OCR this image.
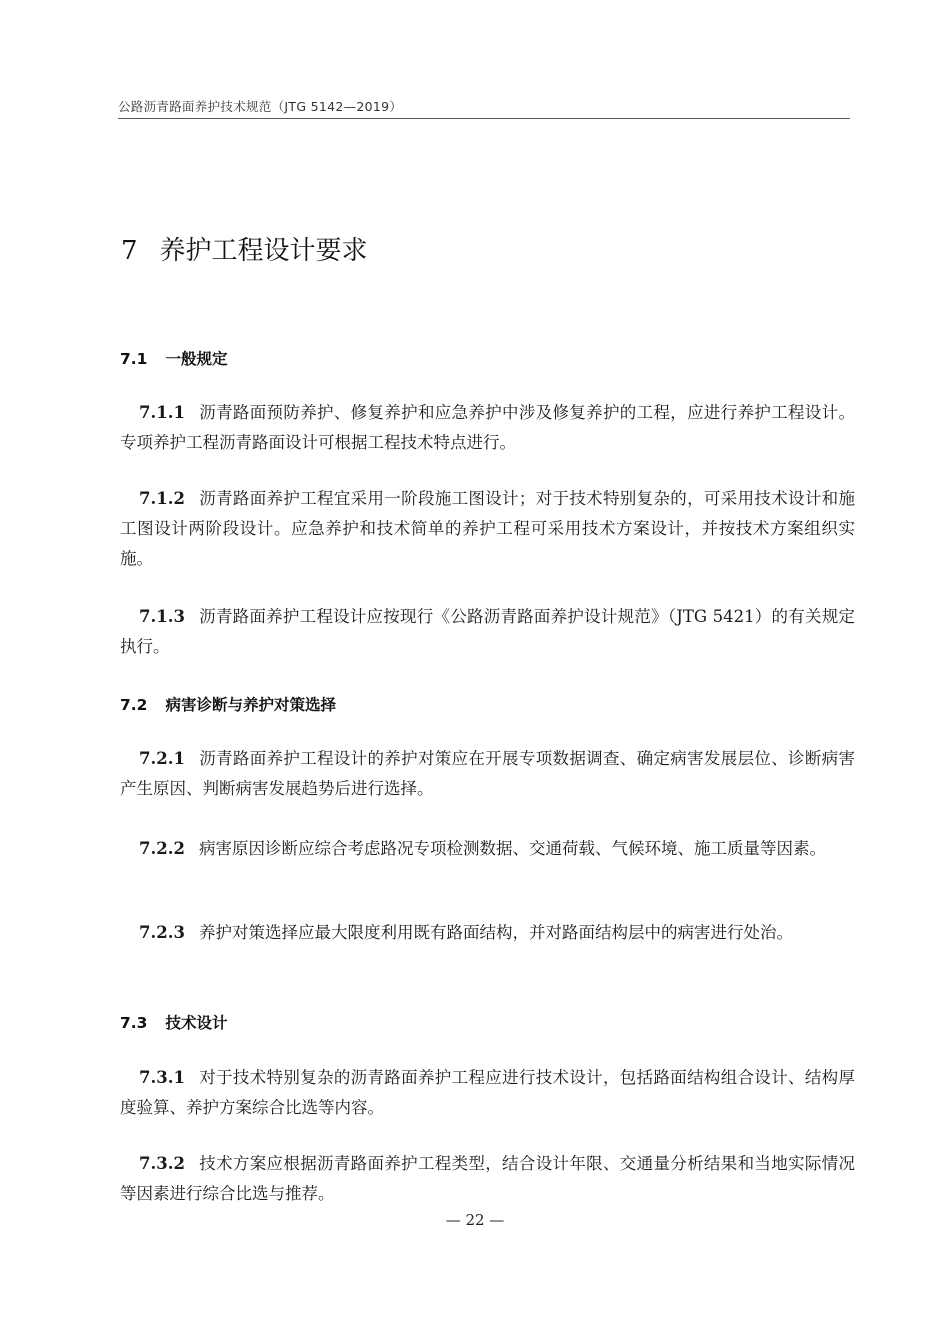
公路沥青路面养护技术规范（JTG 5142—2019）
7 养护工程设计要求
7.1 一般规定

7.1.1 沥青路面预防养护、修复养护和应急养护中涉及修复养护的工程，应进行养护工程设计。专项养护工程沥青路面设计可根据工程技术特点进行。

7.1.2 沥青路面养护工程宜采用一阶段施工图设计；对于技术特别复杂的，可采用技术设计和施工图设计两阶段设计。应急养护和技术简单的养护工程可采用技术方案设计，并按技术方案组织实施。

7.1.3 沥青路面养护工程设计应按现行《公路沥青路面养护设计规范》（JTG 5421）的有关规定执行。

7.2 病害诊断与养护对策选择

7.2.1 沥青路面养护工程设计的养护对策应在开展专项数据调查、确定病害发展层位、诊断病害产生原因、判断病害发展趋势后进行选择。

7.2.2 病害原因诊断应综合考虑路况专项检测数据、交通荷载、气候环境、施工质量等因素。

7.2.3 养护对策选择应最大限度利用既有路面结构，并对路面结构层中的病害进行处治。

7.3 技术设计

7.3.1 对于技术特别复杂的沥青路面养护工程应进行技术设计，包括路面结构组合设计、结构厚度验算、养护方案综合比选等内容。

7.3.2 技术方案应根据沥青路面养护工程类型，结合设计年限、交通量分析结果和当地实际情况等因素进行综合比选与推荐。

— 22 —
